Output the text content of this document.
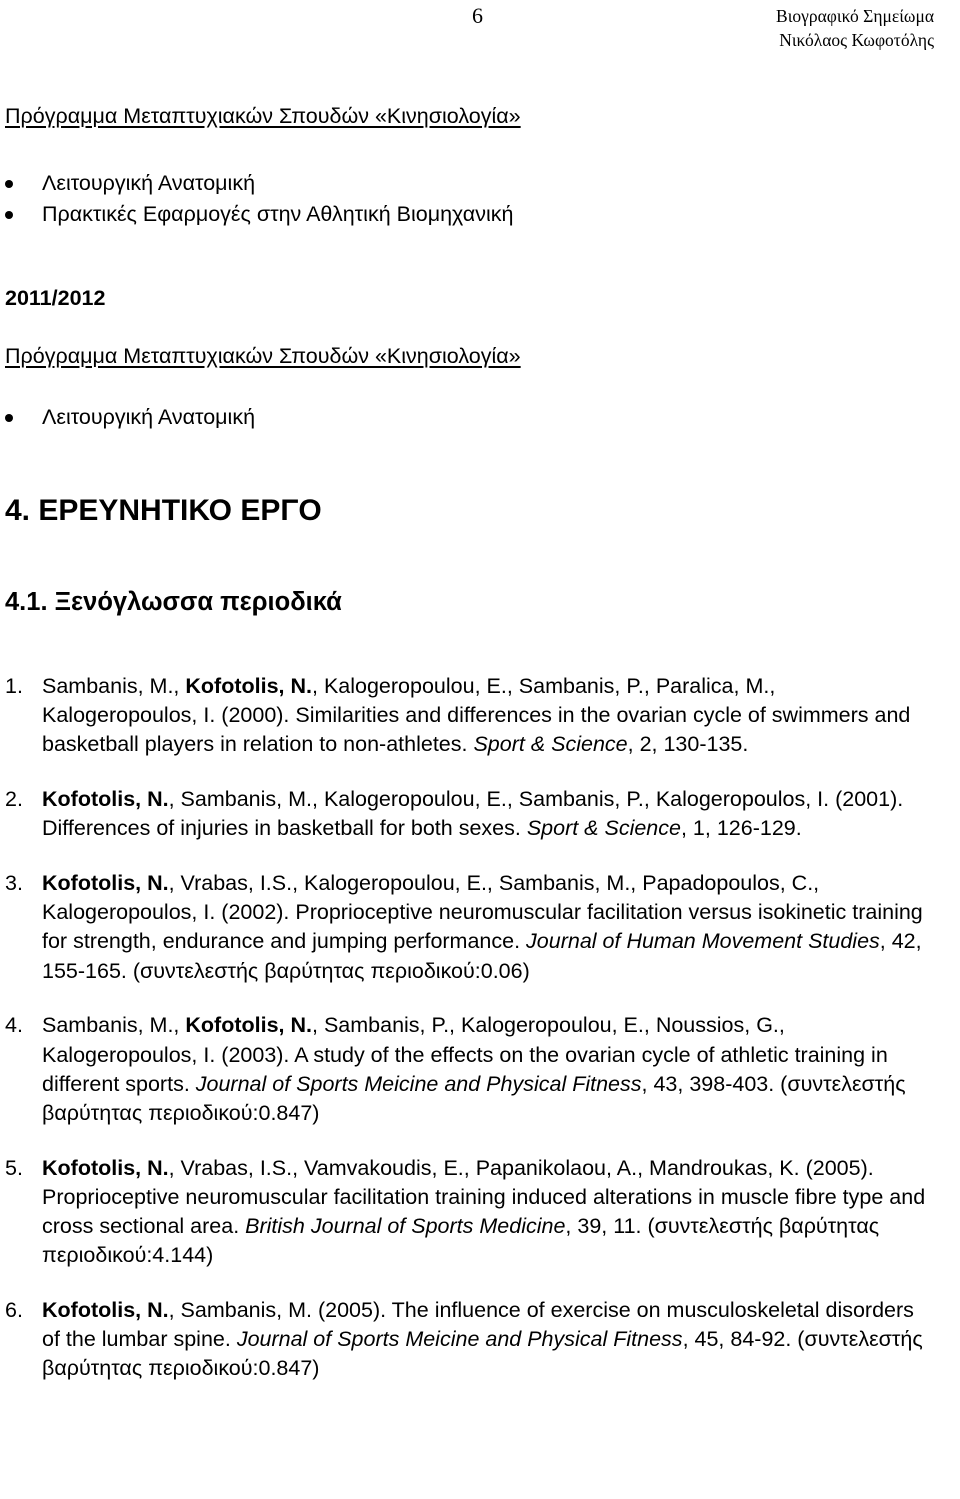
6	Βιογραφικό Σημείωμα
Νικόλαος Κωφοτόλης
Πρόγραμμα Μεταπτυχιακών Σπουδών «Κινησιολογία»
Λειτουργική Ανατομική
Πρακτικές Εφαρμογές στην Αθλητική Βιομηχανική
2011/2012
Πρόγραμμα Μεταπτυχιακών Σπουδών «Κινησιολογία»
Λειτουργική Ανατομική
4. ΕΡΕΥΝΗΤΙΚΟ ΕΡΓΟ
4.1. Ξενόγλωσσα περιοδικά
1. Sambanis, M., Kofotolis, N., Kalogeropoulou, E., Sambanis, P., Paralica, M., Kalogeropoulos, I. (2000). Similarities and differences in the ovarian cycle of swimmers and basketball players in relation to non-athletes. Sport & Science, 2, 130-135.
2. Kofotolis, N., Sambanis, M., Kalogeropoulou, E., Sambanis, P., Kalogeropoulos, I. (2001). Differences of injuries in basketball for both sexes. Sport & Science, 1, 126-129.
3. Kofotolis, N., Vrabas, I.S., Kalogeropoulou, E., Sambanis, M., Papadopoulos, C., Kalogeropoulos, I. (2002). Proprioceptive neuromuscular facilitation versus isokinetic training for strength, endurance and jumping performance. Journal of Human Movement Studies, 42, 155-165. (συντελεστής βαρύτητας περιοδικού:0.06)
4. Sambanis, M., Kofotolis, N., Sambanis, P., Kalogeropoulou, E., Noussios, G., Kalogeropoulos, I. (2003). A study of the effects on the ovarian cycle of athletic training in different sports. Journal of Sports Meicine and Physical Fitness, 43, 398-403. (συντελεστής βαρύτητας περιοδικού:0.847)
5. Kofotolis, N., Vrabas, I.S., Vamvakoudis, E., Papanikolaou, A., Mandroukas, K. (2005). Proprioceptive neuromuscular facilitation training induced alterations in muscle fibre type and cross sectional area. British Journal of Sports Medicine, 39, 11. (συντελεστής βαρύτητας περιοδικού:4.144)
6. Kofotolis, N., Sambanis, M. (2005). The influence of exercise on musculoskeletal disorders of the lumbar spine. Journal of Sports Meicine and Physical Fitness, 45, 84-92. (συντελεστής βαρύτητας περιοδικού:0.847)
